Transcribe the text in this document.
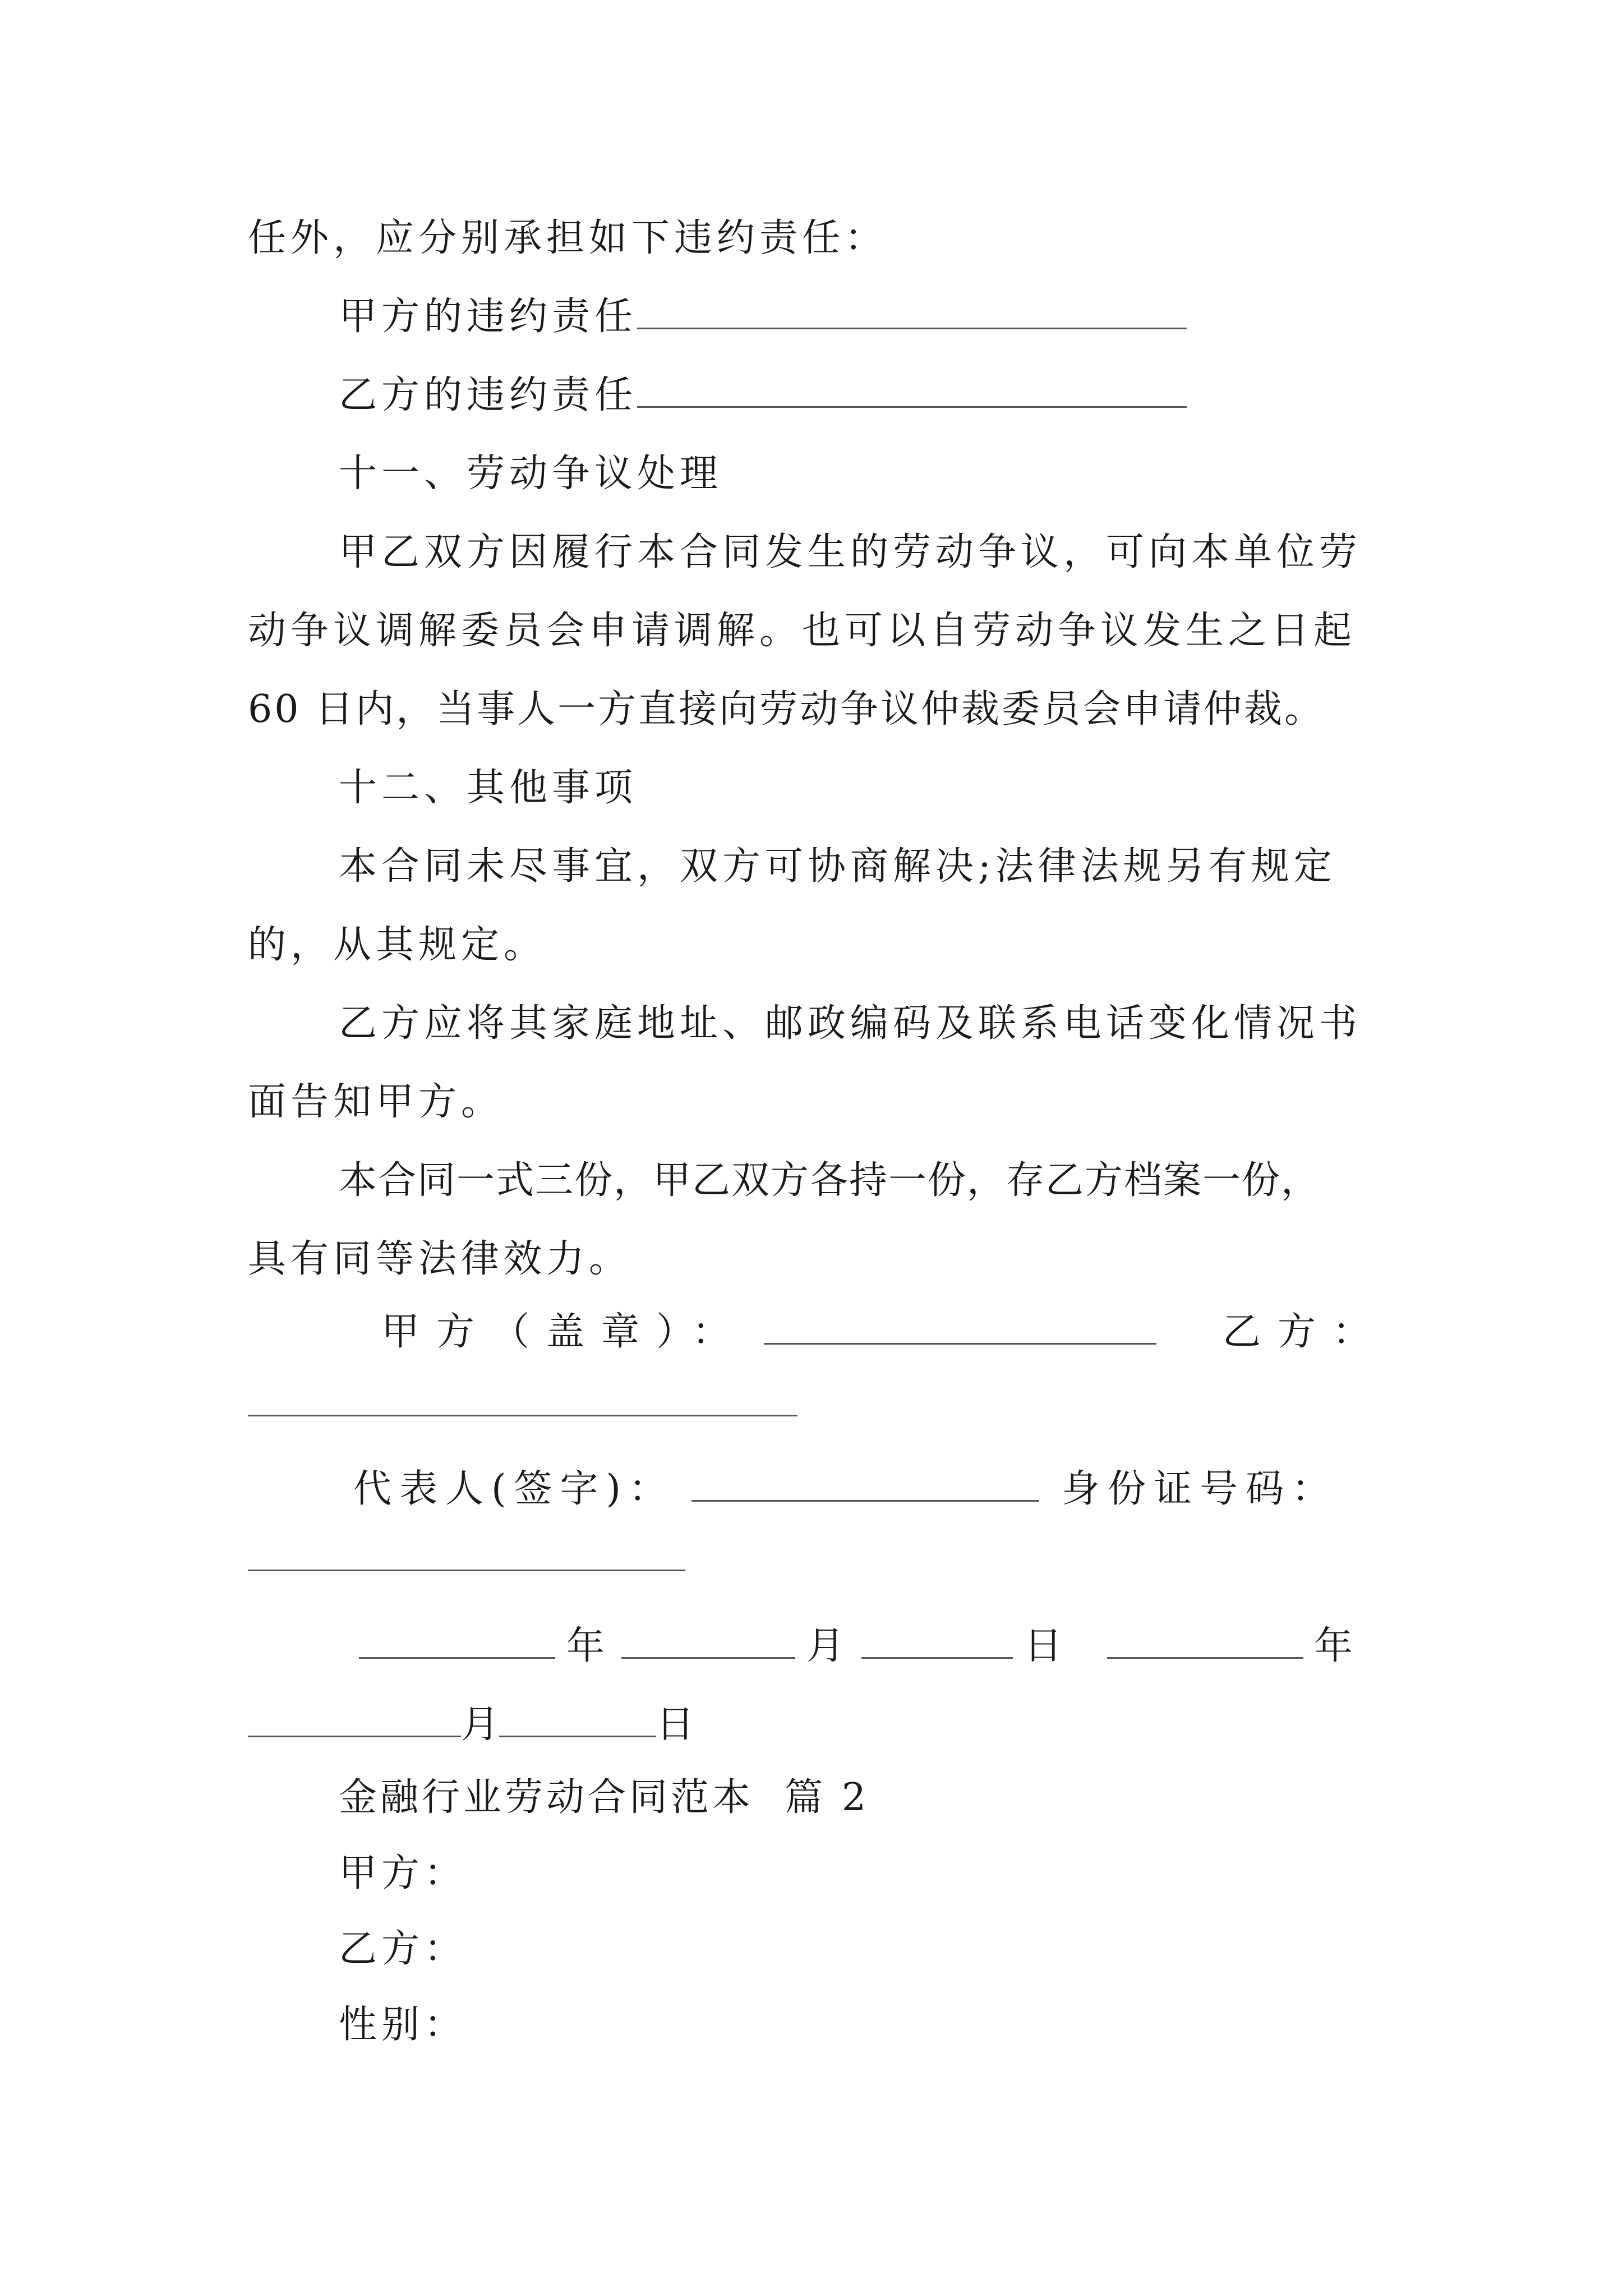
任外，应分别承担如下违约责任：
甲方的违约责任
乙方的违约责任
十一、劳动争议处理
甲乙双方因履行本合同发生的劳动争议，可向本单位劳
动争议调解委员会申请调解。也可以自劳动争议发生之日起
60 日内，当事人一方直接向劳动争议仲裁委员会申请仲裁。
十二、其他事项
本合同未尽事宜，双方可协商解决;法律法规另有规定
的，从其规定。
乙方应将其家庭地址、邮政编码及联系电话变化情况书
面告知甲方。
本合同一式三份，甲乙双方各持一份，存乙方档案一份，
具有同等法律效力。
甲方（盖章）：	乙方：
代表人(签字)：	身份证号码：
年	月	日	年
月	日
金融行业劳动合同范本  篇 2
甲方：
乙方：
性别：
